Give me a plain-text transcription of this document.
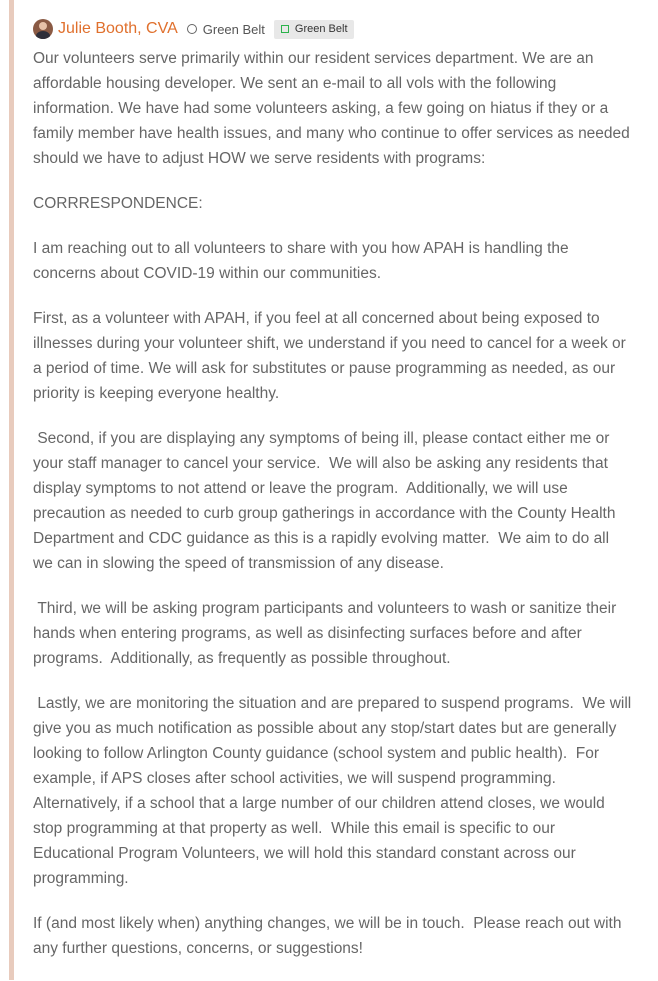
Julie Booth, CVA Green Belt	Green Belt

Our volunteers serve primarily within our resident services department. We are an affordable housing developer. We sent an e-mail to all vols with the following information. We have had some volunteers asking, a few going on hiatus if they or a family member have health issues, and many who continue to offer services as needed should we have to adjust HOW we serve residents with programs:

CORRRESPONDENCE:

I am reaching out to all volunteers to share with you how APAH is handling the concerns about COVID-19 within our communities.

First, as a volunteer with APAH, if you feel at all concerned about being exposed to illnesses during your volunteer shift, we understand if you need to cancel for a week or a period of time. We will ask for substitutes or pause programming as needed, as our priority is keeping everyone healthy.

Second, if you are displaying any symptoms of being ill, please contact either me or your staff manager to cancel your service.  We will also be asking any residents that display symptoms to not attend or leave the program.  Additionally, we will use precaution as needed to curb group gatherings in accordance with the County Health Department and CDC guidance as this is a rapidly evolving matter.  We aim to do all we can in slowing the speed of transmission of any disease.

Third, we will be asking program participants and volunteers to wash or sanitize their hands when entering programs, as well as disinfecting surfaces before and after programs.  Additionally, as frequently as possible throughout.

Lastly, we are monitoring the situation and are prepared to suspend programs.  We will give you as much notification as possible about any stop/start dates but are generally looking to follow Arlington County guidance (school system and public health).  For example, if APS closes after school activities, we will suspend programming.  Alternatively, if a school that a large number of our children attend closes, we would stop programming at that property as well.  While this email is specific to our Educational Program Volunteers, we will hold this standard constant across our programming.

If (and most likely when) anything changes, we will be in touch.  Please reach out with any further questions, concerns, or suggestions!
